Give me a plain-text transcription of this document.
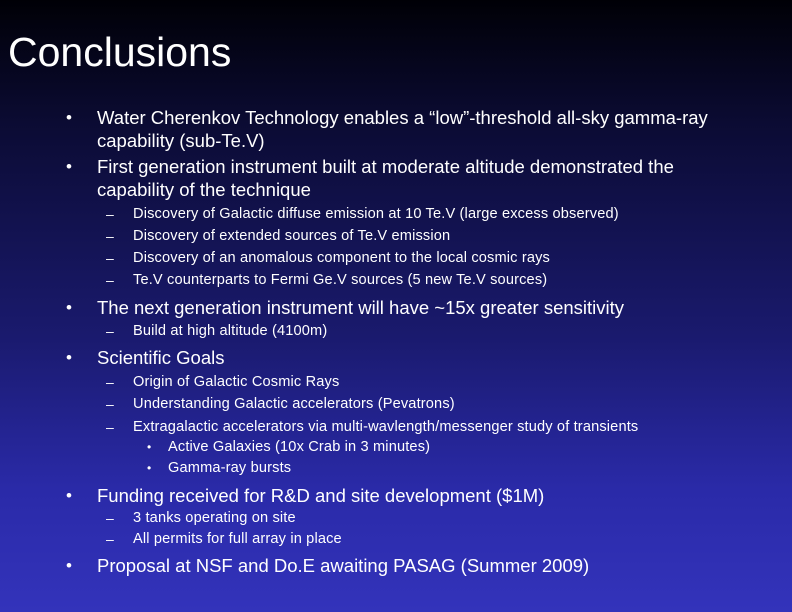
Conclusions
• Water Cherenkov Technology enables a “low”-threshold all-sky gamma-ray capability (sub-Te.V)
• First generation instrument built at moderate altitude demonstrated the capability of the technique
– Discovery of Galactic diffuse emission at 10 Te.V (large excess observed)
– Discovery of extended sources of Te.V emission
– Discovery of an anomalous component to the local cosmic rays
– Te.V counterparts to Fermi Ge.V sources (5 new Te.V sources)
• The next generation instrument will have ~15x greater sensitivity
– Build at high altitude (4100m)
• Scientific Goals
– Origin of Galactic Cosmic Rays
– Understanding Galactic accelerators (Pevatrons)
– Extragalactic accelerators via multi-wavlength/messenger study of transients
• Active Galaxies (10x Crab in 3 minutes)
• Gamma-ray bursts
• Funding received for R&D and site development ($1M)
– 3 tanks operating on site
– All permits for full array in place
• Proposal at NSF and Do.E awaiting PASAG (Summer 2009)
